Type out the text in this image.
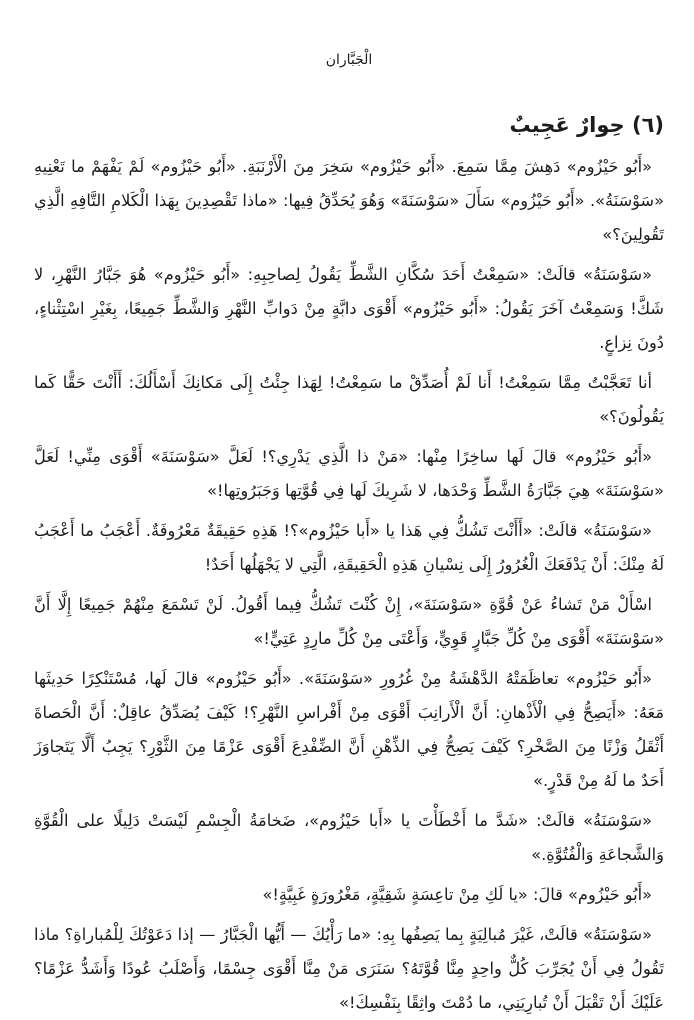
الْجَبَّاران
(٦) حِوارٌ عَجِيبٌ

«أَبُو حَيْزُوم» دَهِشَ مِمَّا سَمِعَ. «أَبُو حَيْزُوم» سَخِرَ مِنَ الْأَرْنَبَةِ. «أَبُو حَيْزُوم» لَمْ يَفْهَمْ ما تَعْنِيهِ «سَوْسَنَةُ». «أَبُو حَيْزُوم» سَأَلَ «سَوْسَنَةَ» وَهُوَ يُحَدِّقُ فِيها: «ماذا تَقْصِدِينَ بِهَذا الْكَلامِ التَّافِهِ الَّذِي تَقُولِينَ؟»

«سَوْسَنَةُ» قالَتْ: «سَمِعْتُ أَحَدَ سُكَّانِ الشَّطِّ يَقُولُ لِصاحِبِهِ: «أَبُو حَيْزُوم» هُوَ جَبَّارُ النَّهْرِ، لا شَكَّ! وَسَمِعْتُ آخَرَ يَقُولُ: «أَبُو حَيْزُوم» أَقْوَى دابَّةٍ مِنْ دَوابِّ النَّهْرِ وَالشَّطِّ جَمِيعًا، بِغَيْرِ اسْتِثْناءٍ، دُونَ نِزاعٍ.

أنا تَعَجَّبْتُ مِمَّا سَمِعْتُ! أَنا لَمْ أُصَدِّقْ ما سَمِعْتُ! لِهَذا جِئْتُ إِلَى مَكانِكَ أَسْأَلُكَ: أَأَنْتَ حَقًّا كَما يَقُولُونَ؟»

«أَبُو حَيْزُوم» قالَ لَها ساخِرًا مِنْها: «مَنْ ذا الَّذِي يَدْرِي؟! لَعَلَّ «سَوْسَنَةَ» أَقْوَى مِنِّي! لَعَلَّ «سَوْسَنَةَ» هِيَ جَبَّارَةُ الشَّطِّ وَحْدَها، لا شَرِيكَ لَها فِي قُوَّتِها وَجَبَرُوتِها!»

«سَوْسَنَةُ» قالَتْ: «أَأَنْتَ تَشُكُّ فِي هَذا يا «أَبا حَيْزُوم»؟! هَذِهِ حَقِيقَةٌ مَعْرُوفَةٌ. أَعْجَبُ ما أَعْجَبُ لَهُ مِنْكَ: أَنْ يَدْفَعَكَ الْغُرُورُ إِلَى نِسْيانِ هَذِهِ الْحَقِيقَةِ، الَّتِي لا يَجْهَلُها أَحَدٌ!

اسْأَلْ مَنْ تَشاءُ عَنْ قُوَّةِ «سَوْسَنَةَ»، إِنْ كُنْتَ تَشُكُّ فِيما أَقُولُ. لَنْ تَسْمَعَ مِنْهُمْ جَمِيعًا إِلَّا أَنَّ «سَوْسَنَةَ» أَقْوَى مِنْ كُلِّ جَبَّارٍ قَوِيٍّ، وَأَعْتَى مِنْ كُلِّ مارِدٍ عَتِيٍّ!»

«أَبُو حَيْزُوم» تعاظَمَتْهُ الدَّهْشَةُ مِنْ غُرُورِ «سَوْسَنَةَ». «أَبُو حَيْزُوم» قالَ لَها، مُسْتَنْكِرًا حَدِيثَها مَعَهُ: «أَيَصِحُّ فِي الْأَذْهانِ: أَنَّ الْأَرانِبَ أَقْوَى مِنْ أَفْراسِ النَّهْرِ؟! كَيْفَ يُصَدِّقُ عاقِلٌ: أَنَّ الْحَصاةَ أَثْقَلُ وَزْنًا مِنَ الصَّخْرِ؟ كَيْفَ يَصِحُّ فِي الذِّهْنِ أَنَّ الضِّفْدِعَ أَقْوَى عَزْمًا مِنَ الثَّوْرِ؟ يَجِبُ أَلَّا يَتَجاوَزَ أَحَدٌ ما لَهُ مِنْ قَدْرٍ.»

«سَوْسَنَةُ» قالَتْ: «شَدَّ ما أَخْطَأْتَ يا «أَبا حَيْزُوم»، ضَخامَةُ الْجِسْمِ لَيْسَتْ دَلِيلًا على الْقُوَّةِ وَالشَّجاعَةِ وَالْفُتُوَّةِ.»

«أَبُو حَيْزُوم» قالَ: «يا لَكِ مِنْ تاعِسَةٍ شَقِيَّةٍ، مَغْرُورَةٍ غَبِيَّةٍ!»

«سَوْسَنَةُ» قالَتْ، غَيْرَ مُبالِيَةٍ بِما يَصِفُها بِهِ: «ما رَأْيُكَ — أَيُّها الْجَبَّارُ — إذا دَعَوْتُكَ لِلْمُباراةِ؟ ماذا تَقُولُ فِي أَنْ يُجَرِّبَ كُلٌّ واحِدٍ مِنَّا قُوَّتَهُ؟ سَنَرَى مَنْ مِنَّا أَقْوَى جِسْمًا، وَأَصْلَبُ عُودًا وَأَشَدُّ عَزْمًا؟ عَلَيْكَ أَنْ تَقْبَلَ أَنْ تُبارِيَنِي، ما دُمْتَ واثِقًا بِنَفْسِكَ!»
